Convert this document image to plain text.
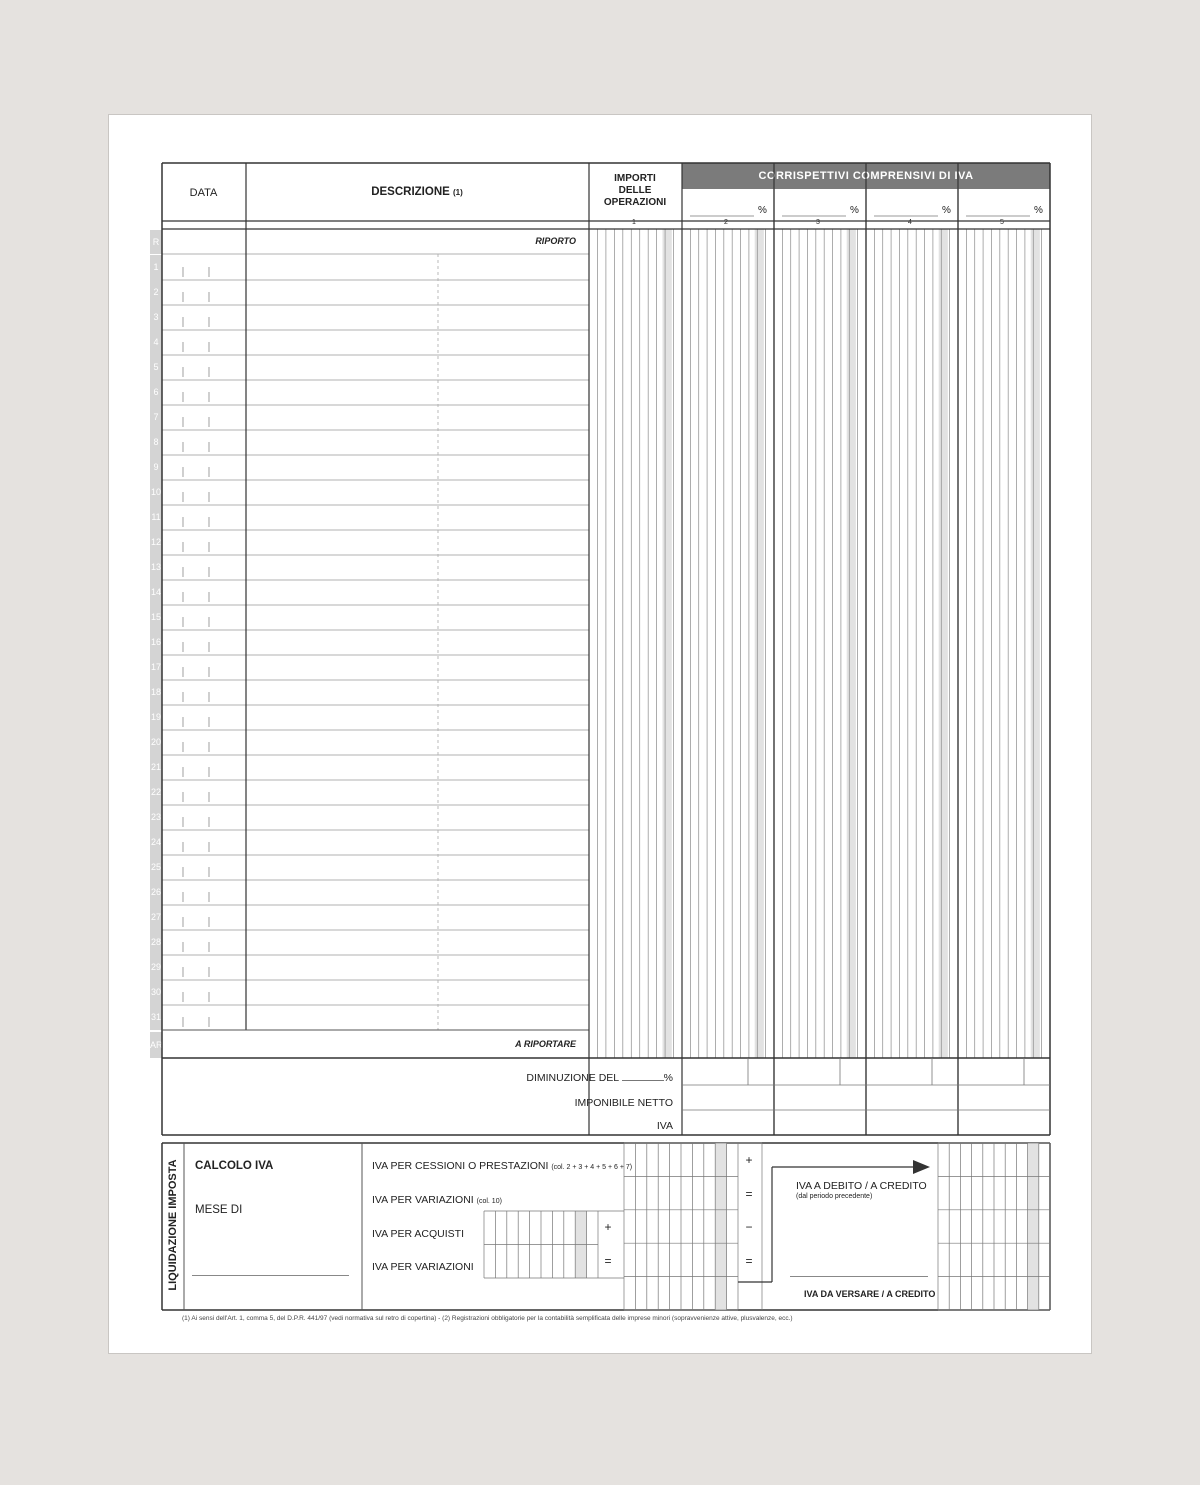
DATA	DESCRIZIONE (1)
IMPORTI
DELLE
OPERAZIONI
CORRISPETTIVI COMPRENSIVI DI IVA
%	%	%	%
1	2	3	4	5
RIPORTO
A RIPORTARE
R
1
2
3
4
5
6
7
8
9
10
11
12
13
14
15
16
17
18
19
20
21
22
23
24
25
26
27
28
29
30
31
AR
DIMINUZIONE DEL	%
IMPONIBILE NETTO
IVA
LIQUIDAZIONE IMPOSTA CALCOLO IVA
MESE DI
IVA PER CESSIONI O PRESTAZIONI (col. 2 + 3 + 4 + 5 + 6 + 7)
IVA PER VARIAZIONI (col. 10)
IVA PER ACQUISTI
IVA PER VARIAZIONI
+
=
+
=
−
=
IVA A DEBITO / A CREDITO
(dal periodo precedente)
IVA DA VERSARE / A CREDITO
(1) Ai sensi dell'Art. 1, comma 5, del D.P.R. 441/97 (vedi normativa sul retro di copertina) - (2) Registrazioni obbligatorie per la contabilità semplificata delle imprese minori (sopravvenienze attive, plusvalenze, ecc.)
